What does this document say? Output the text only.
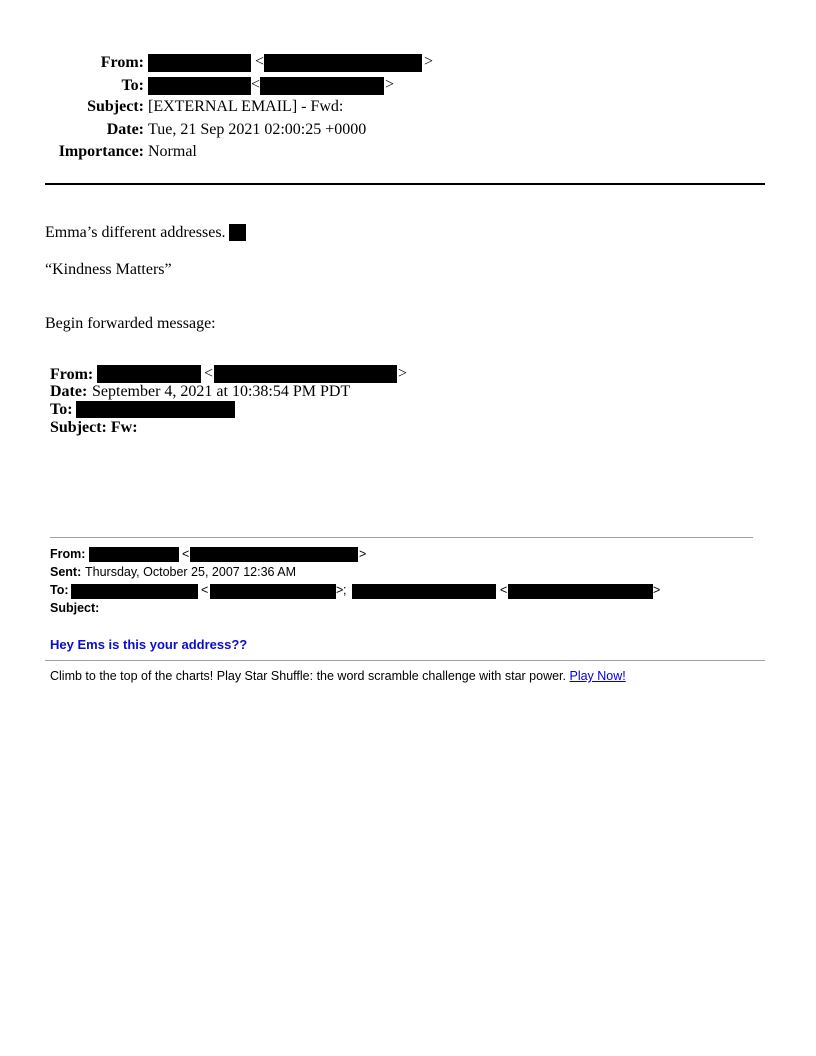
From:	<	>
To:	<	>
Subject: [EXTERNAL EMAIL] - Fwd:
Date: Tue, 21 Sep 2021 02:00:25 +0000
Importance: Normal
Emma’s different addresses.
“Kindness Matters”
Begin forwarded message:
From:	<	>
Date: September 4, 2021 at 10:38:54 PM PDT
To:
Subject: Fw:
From:	<	>
Sent: Thursday, October 25, 2007 12:36 AM
To:	<	> ;	<	>
Subject:
Hey Ems is this your address??
Climb to the top of the charts! Play Star Shuffle: the word scramble challenge with star power. Play Now!
